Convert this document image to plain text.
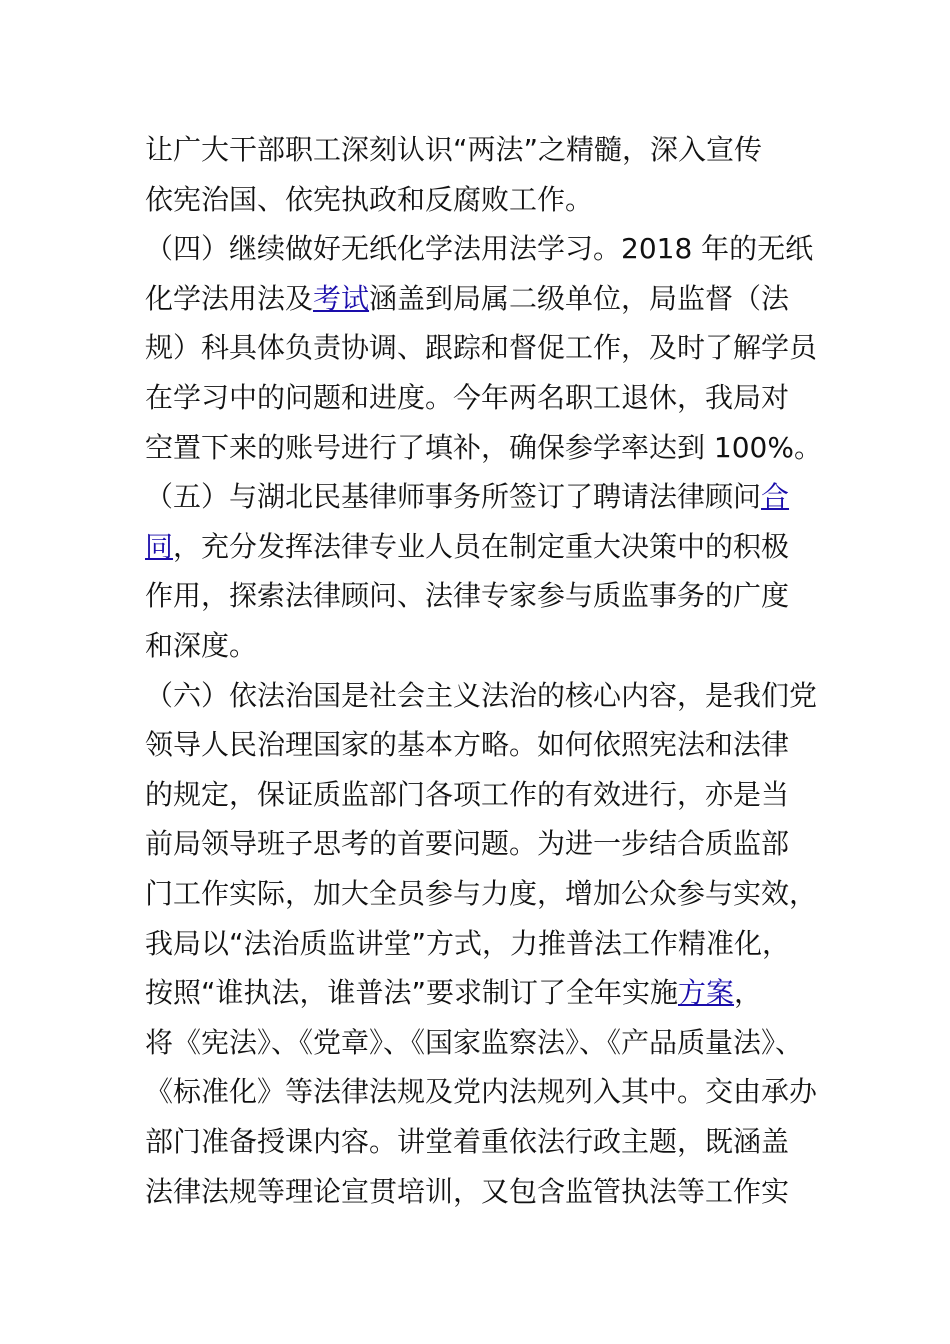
让广大干部职工深刻认识“两法”之精髓，深入宣传
依宪治国、依宪执政和反腐败工作。
（四）继续做好无纸化学法用法学习。2018 年的无纸
化学法用法及考试涵盖到局属二级单位，局监督（法
规）科具体负责协调、跟踪和督促工作，及时了解学员
在学习中的问题和进度。今年两名职工退休，我局对
空置下来的账号进行了填补，确保参学率达到 100%。
（五）与湖北民基律师事务所签订了聘请法律顾问合
同，充分发挥法律专业人员在制定重大决策中的积极
作用，探索法律顾问、法律专家参与质监事务的广度
和深度。
（六）依法治国是社会主义法治的核心内容，是我们党
领导人民治理国家的基本方略。如何依照宪法和法律
的规定，保证质监部门各项工作的有效进行，亦是当
前局领导班子思考的首要问题。为进一步结合质监部
门工作实际，加大全员参与力度，增加公众参与实效，
我局以“法治质监讲堂”方式，力推普法工作精准化，
按照“谁执法，谁普法”要求制订了全年实施方案，
将《宪法》、《党章》、《国家监察法》、《产品质量法》、
《标准化》等法律法规及党内法规列入其中。交由承办
部门准备授课内容。讲堂着重依法行政主题，既涵盖
法律法规等理论宣贯培训，又包含监管执法等工作实
